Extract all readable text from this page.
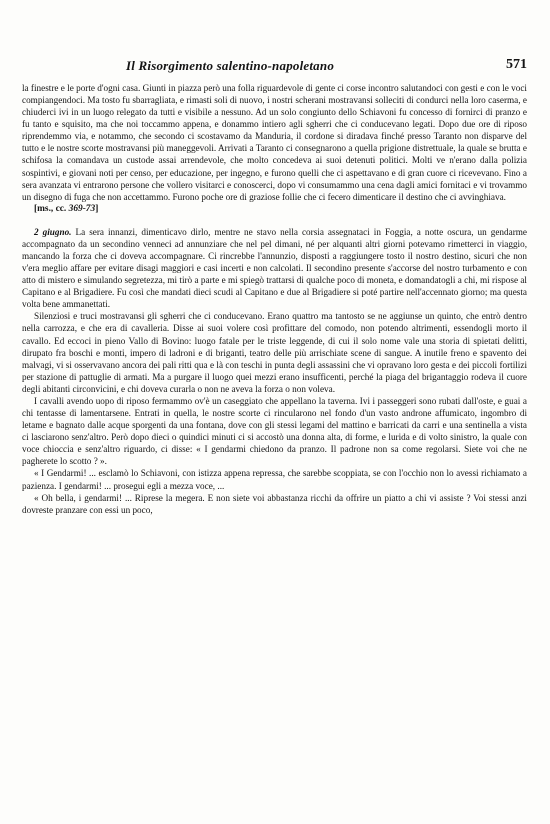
Il Risorgimento salentino-napoletano	571

la finestre e le porte d'ogni casa. Giunti in piazza però una folla riguardevole di gente ci corse incontro salutandoci con gesti e con le voci compiangendoci. Ma tosto fu sbarragliata, e rimasti soli di nuovo, i nostri scherani mostravansi solleciti di condurci nella loro caserma, e chiuderci ivi in un luogo relegato da tutti e visibile a nessuno. Ad un solo congiunto dello Schiavoni fu concesso di fornirci di pranzo e fu tanto e squisito, ma che noi toccammo appena, e donammo intiero agli sgherri che ci conducevano legati. Dopo due ore di riposo riprendemmo via, e notammo, che secondo ci scostavamo da Manduria, il cordone si diradava finché presso Taranto non disparve del tutto e le nostre scorte mostravansi più maneggevoli. Arrivati a Taranto ci consegnarono a quella prigione distrettuale, la quale se brutta e schifosa la comandava un custode assai arrendevole, che molto concedeva ai suoi detenuti politici. Molti ve n'erano dalla polizia sospintivi, e giovani noti per censo, per educazione, per ingegno, e furono quelli che ci aspettavano e di gran cuore ci ricevevano. Fino a sera avanzata vi entrarono persone che vollero visitarci e conoscerci, dopo vi consumammo una cena dagli amici fornitaci e vi trovammo un disegno di fuga che non accettammo. Furono poche ore di graziose follie che ci fecero dimenticare il destino che ci avvinghiava.

[ms., cc. 369-73]

2 giugno. La sera innanzi, dimenticavo dirlo, mentre ne stavo nella corsia assegnataci in Foggia, a notte oscura, un gendarme accompagnato da un secondino venneci ad annunziare che nel pel dimani, né per alquanti altri giorni potevamo rimetterci in viaggio, mancando la forza che ci doveva accompagnare. Ci rincrebbe l'annunzio, disposti a raggiungere tosto il nostro destino, sicuri che non v'era meglio affare per evitare disagi maggiori e casi incerti e non calcolati. Il secondino presente s'accorse del nostro turbamento e con atto di mistero e simulando segretezza, mi tirò a parte e mi spiegò trattarsi di qualche poco di moneta, e domandatogli a chi, mi rispose al Capitano e al Brigadiere. Fu così che mandati dieci scudi al Capitano e due al Brigadiere si poté partire nell'accennato giorno; ma questa volta bene ammanettati.

Silenziosi e truci mostravansi gli sgherri che ci conducevano. Erano quattro ma tantosto se ne aggiunse un quinto, che entrò dentro nella carrozza, e che era di cavalleria. Disse ai suoi volere così profittare del comodo, non potendo altrimenti, essendogli morto il cavallo. Ed eccoci in pieno Vallo di Bovino: luogo fatale per le triste leggende, di cui il solo nome vale una storia di spietati delitti, dirupato fra boschi e monti, impero di ladroni e di briganti, teatro delle più arrischiate scene di sangue. A inutile freno e spavento dei malvagi, vi si osservavano ancora dei pali ritti qua e là con teschi in punta degli assassini che vi opravano loro gesta e dei piccoli fortilizi per stazione di pattuglie di armati. Ma a purgare il luogo quei mezzi erano insufficenti, perché la piaga del brigantaggio rodeva il cuore degli abitanti circonvicini, e chi doveva curarla o non ne aveva la forza o non voleva.

I cavalli avendo uopo di riposo fermammo ov'è un caseggiato che appellano la taverna. Ivi i passeggeri sono rubati dall'oste, e guai a chi tentasse di lamentarsene. Entrati in quella, le nostre scorte ci rincularono nel fondo d'un vasto androne affumicato, ingombro di letame e bagnato dalle acque sporgenti da una fontana, dove con gli stessi legami del mattino e barricati da carri e una sentinella a vista ci lasciarono senz'altro. Però dopo dieci o quindici minuti ci si accostò una donna alta, di forme, e lurida e di volto sinistro, la quale con voce chioccia e senz'altro riguardo, ci disse: « I gendarmi chiedono da pranzo. Il padrone non sa come regolarsi. Siete voi che ne pagherete lo scotto ? ».

« I Gendarmi! ... esclamò lo Schiavoni, con istizza appena repressa, che sarebbe scoppiata, se con l'occhio non lo avessi richiamato a pazienza. I gendarmi! ... prosegui egli a mezza voce, ...

« Oh bella, i gendarmi! ... Riprese la megera. E non siete voi abbastanza ricchi da offrire un piatto a chi vi assiste ? Voi stessi anzi dovreste pranzare con essi un poco,
